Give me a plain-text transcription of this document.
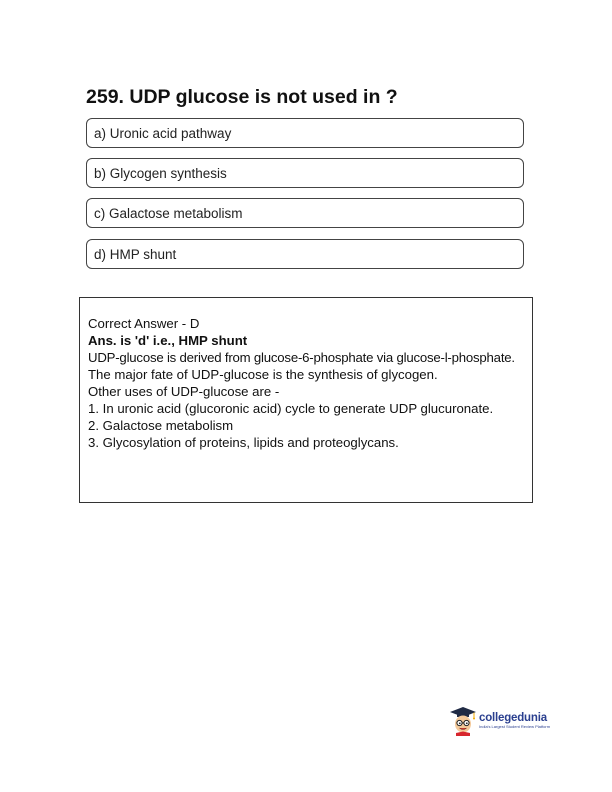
259. UDP glucose is not used in ?
a) Uronic acid pathway
b) Glycogen synthesis
c) Galactose metabolism
d) HMP shunt

Correct Answer - D

Ans. is 'd' i.e., HMP shunt

UDP-glucose is derived from glucose-6-phosphate via glucose-l-phosphate.

The major fate of UDP-glucose is the synthesis of glycogen.

Other uses of UDP-glucose are -

1. In uronic acid (glucoronic acid) cycle to generate UDP glucuronate.

2. Galactose metabolism

3. Glycosylation of proteins, lipids and proteoglycans.

collegedunia
India's Largest Student Review Platform
